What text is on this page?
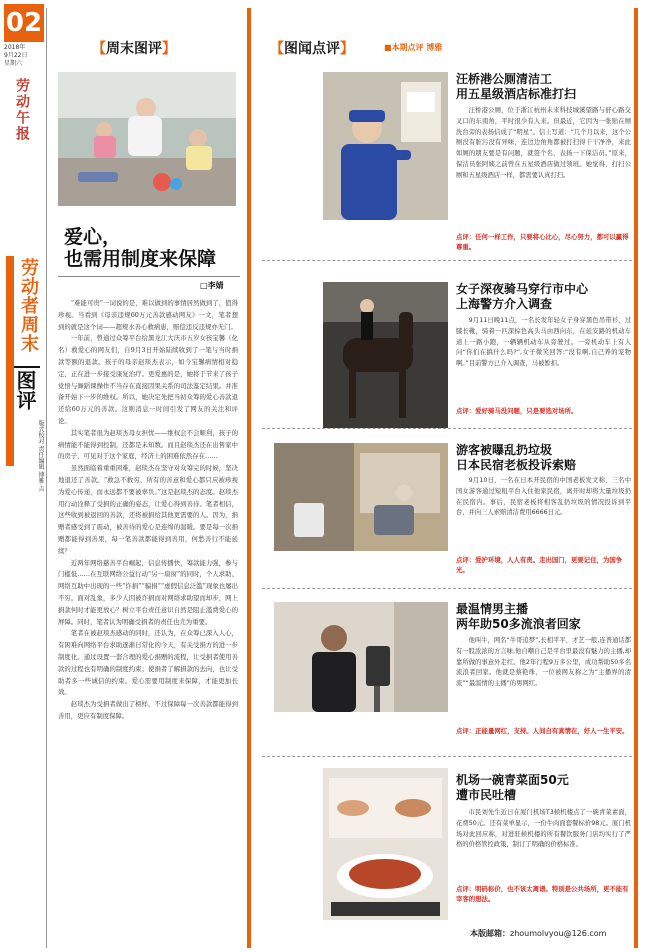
02
2018年
9月22日
星期六
劳动午报
劳动者周末
图评
版式校对 责任编辑 博雅 吉
【周末图评】
爱心，
也需用制度来保障
□李婧

“难能可贵”一词说的是，难以做到的事情居然做到了，值得珍视。当看到《母亲违规60万元善款感动网友》一文，笔者想到的就是这个词——超规水善心救病患，赔偿违反违规亦无门。

一年前，曾通过众筹平台给黑龙江大庆市五岁女孩宝馨（化名）救爱心的网友们，自9月3日开始陆续收到了一笔与当时捐款等额的退款。孩子的母亲赵琰杰表示，如今宝馨病情相对稳定，正在进一步接受康复治疗。更爱惠的是，她将于节来了孩子党悟与舞蹈课操作不当存在直接因果关系的司法鉴定结果。并准备开始下一步的维权。所以，她决定先把当初众筹的爱心善款退还给60万元的善款。这则消息一时间引发了网友的关注和评论。

其实笔者很为赵琰杰母女担忧——维权会不会顺利，孩子的病情能不能得到控制，还都是未知数。而且赵琰杰还在出售家中的房子，可见对于这个家庭，经济上的困难依然存在……

虽然面临着重重困难，赵琰杰在坚守对众筹完的时候，坚决地退还了善款。“救急不救穷，所有的善意和爱心都只应被珍视为爱心传递，而永远都不要被辜负。”这是赵琰杰的态度。赵琰杰用行动诠释了受捐的正确的姿态，让爱心得到善待。笔者相信，这些收到被退回的善款，还将被捐给其他更需要的人。因为，捐赠者感受到了震动，被善待的爱心是连绵的温暖。要是每一次捐赠都能得到善果，每一笔善款都能得到善用，何愁善行不能延续？

近两年网络慈善平台崛起，信息传播快，筹款能力强，参与门槛低……在互联网络公益行动“另一扇窗”的同时，个人求助、网络互助中出现的一些“诈捐”“骗捐”“虚假信息泛滥”现象也屡出不穷。面对乱象，多少人因被诈捐而对网络求助望而却步，网上捐款何时才能更放心？树立平台责任意识自然是阻止滥费爱心的屏障。同时，笔者认为明确受捐者的责任也尤为重要。

笔者在被赵琰杰感动的同时，还认为，在众筹已深入人心，有困难向网络平台求助逐渐日常化的今天，有关受捐方的进一步制度化。通过设置一套合理的爱心捐赠的流程，让受捐者使用善款的过程也有明确的制度约束；使捐者了解捐款的去向，也让受助者多一些诚信的约束。爱心需要用制度来保障，才能更加长效。

赵琰杰为受捐者做出了榜样，不过保障每一次善款都能得到善用，更应有制度保障。

【图闻点评】	■本期点评 博雅
汪桥港公厕清洁工
用五星级酒店标准打扫

汪桥港公厕，位于浙江杭州未来科技城溪望路与舒心路交叉口的东南角，平时很少有人来。但最近，它因为一张贴在厕洗台旁的表扬信成了“明星”。信上写道：“几个月以来，这个公厕没有脏污没有异味，连边边角角都被打扫得干干净净，来此如厕的朋友要是有问题，就签个名，表扬一下保洁员。”原来，保洁员张阿姨之前曾在五星级酒店做过领班。她觉得，打扫公厕和五星级酒店一样，都需要认真打扫。

点评：任何一样工作，只要将心比心，尽心努力，都可以赢得尊重。
女子深夜骑马穿行市中心
上海警方介入调查

9月11日晚11点，一名长发年轻女子身穿黑色吊带衫，过膝长靴，骑着一匹深棕色高头马由西向东，在延安路的机动车道上一路小跑，一辆辆机动车从旁驶过。一旁机动车上有人问“你们在搞什么吗?”,女子微笑回答:“没有啊,自己养的宠物啊。”目前警方已介入调查，马被暂扣。

点评：爱好骑马没问题，只是要选对场所。
游客被曝乱扔垃圾
日本民宿老板投诉索赔

9月10日，一名在日本开民宿的中国老板发文称，三名中国女游客通过短租平台入住他家民宿，离开时却将大量垃圾扔在民宿内。事后，民宿老板将相客乱扔垃圾的情况投诉到平台，并向三人索赔清洁费用6666日元。

点评：爱护环境，人人有责。走出国门，更要记住，为国争光。
最温情男主播
两年助50多流浪者回家

他叫牛，网名“牛哥追梦”,长相平平，才艺一般,连普通话都有一股浓浓的方言味,他自嘲自己是平台里最没有魅力的主播,却靠所做的事意外走红。他2年行程9万多公里，成功帮助50多名流浪者回家。他就是蔡艳珠，一位被网友称之为“主播界的清流”“最温情的主播”的男网红。

点评：正能量网红，支持。人间自有真情在，好人一生平安。
机场一碗青菜面50元
遭市民吐槽

市民刘先生近日在厦门机场T3候机楼点了一碗青菜素面，花费50元。还有菜单显示，一份牛肉面套餐标价98元。厦门机场对此回应称，对进驻候机楼的所有餐饮服务门店均实行了严格的价格管控政策，制订了明确的价格标准。

点评：明码标价，也不该太离谱。特别是公共场所，更不能有宰客的想法。
本版邮箱：zhoumolvyou@126.com
